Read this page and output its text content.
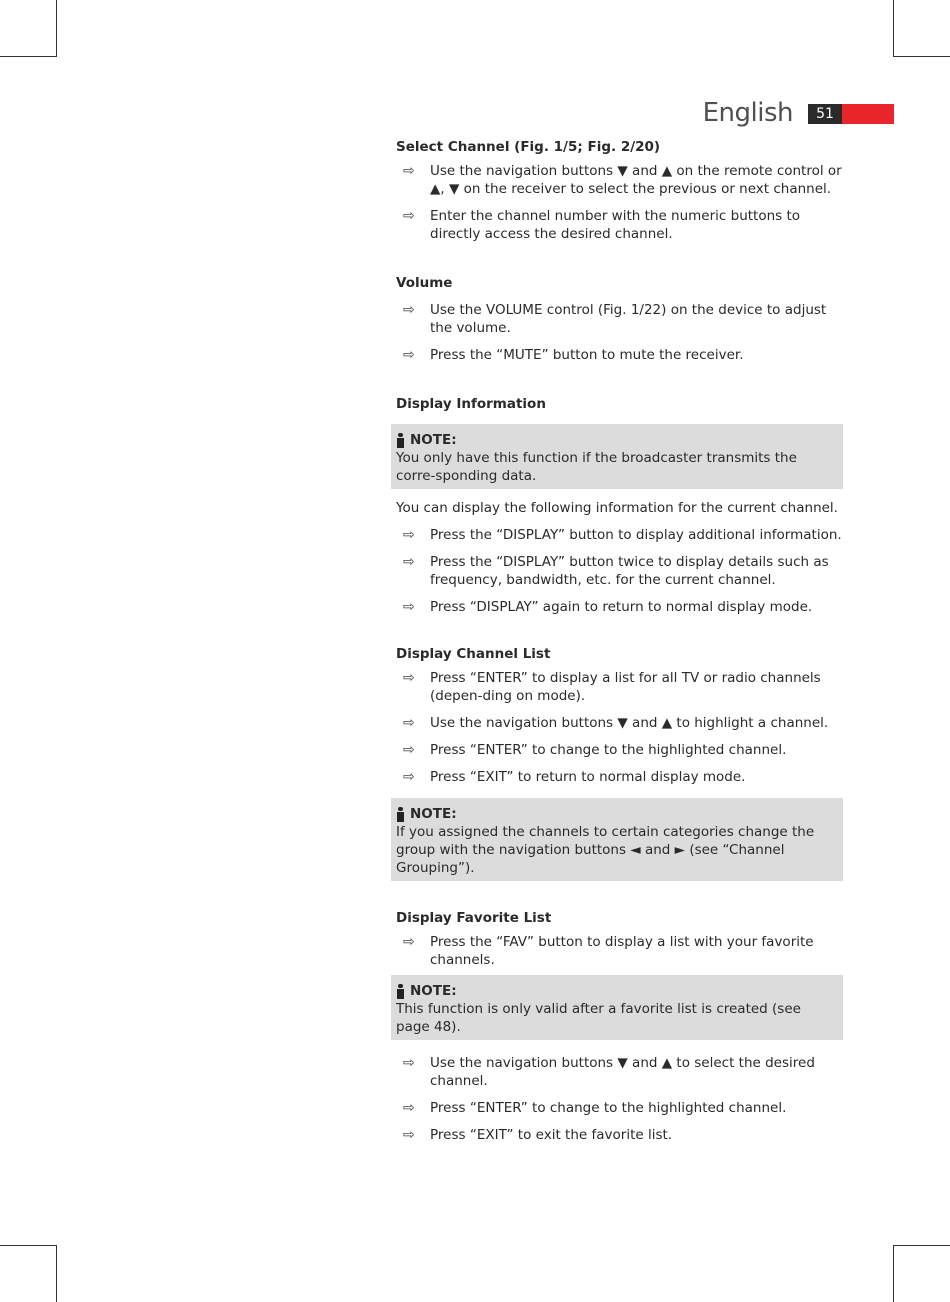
English	51
Select Channel (Fig. 1/5; Fig. 2/20)
⇨ Use the navigation buttons ▼ and ▲ on the remote control or ▲, ▼ on the receiver to select the previous or next channel.
⇨ Enter the channel number with the numeric buttons to directly access the desired channel.
Volume
⇨ Use the VOLUME control (Fig. 1/22) on the device to adjust the volume.
⇨ Press the “MUTE” button to mute the receiver.
Display Information
NOTE:
You only have this function if the broadcaster transmits the corre-sponding data.
You can display the following information for the current channel.
⇨ Press the “DISPLAY” button to display additional information.
⇨ Press the “DISPLAY” button twice to display details such as frequency, bandwidth, etc. for the current channel.
⇨ Press “DISPLAY” again to return to normal display mode.
Display Channel List
⇨ Press “ENTER” to display a list for all TV or radio channels (depen-ding on mode).
⇨ Use the navigation buttons ▼ and ▲ to highlight a channel.
⇨ Press “ENTER” to change to the highlighted channel.
⇨ Press “EXIT” to return to normal display mode.
NOTE:
If you assigned the channels to certain categories change the group with the navigation buttons ◄ and ► (see “Channel Grouping”).
Display Favorite List
⇨ Press the “FAV” button to display a list with your favorite channels.
NOTE:
This function is only valid after a favorite list is created (see page 48).
⇨ Use the navigation buttons ▼ and ▲ to select the desired channel.
⇨ Press “ENTER” to change to the highlighted channel.
⇨ Press “EXIT” to exit the favorite list.
